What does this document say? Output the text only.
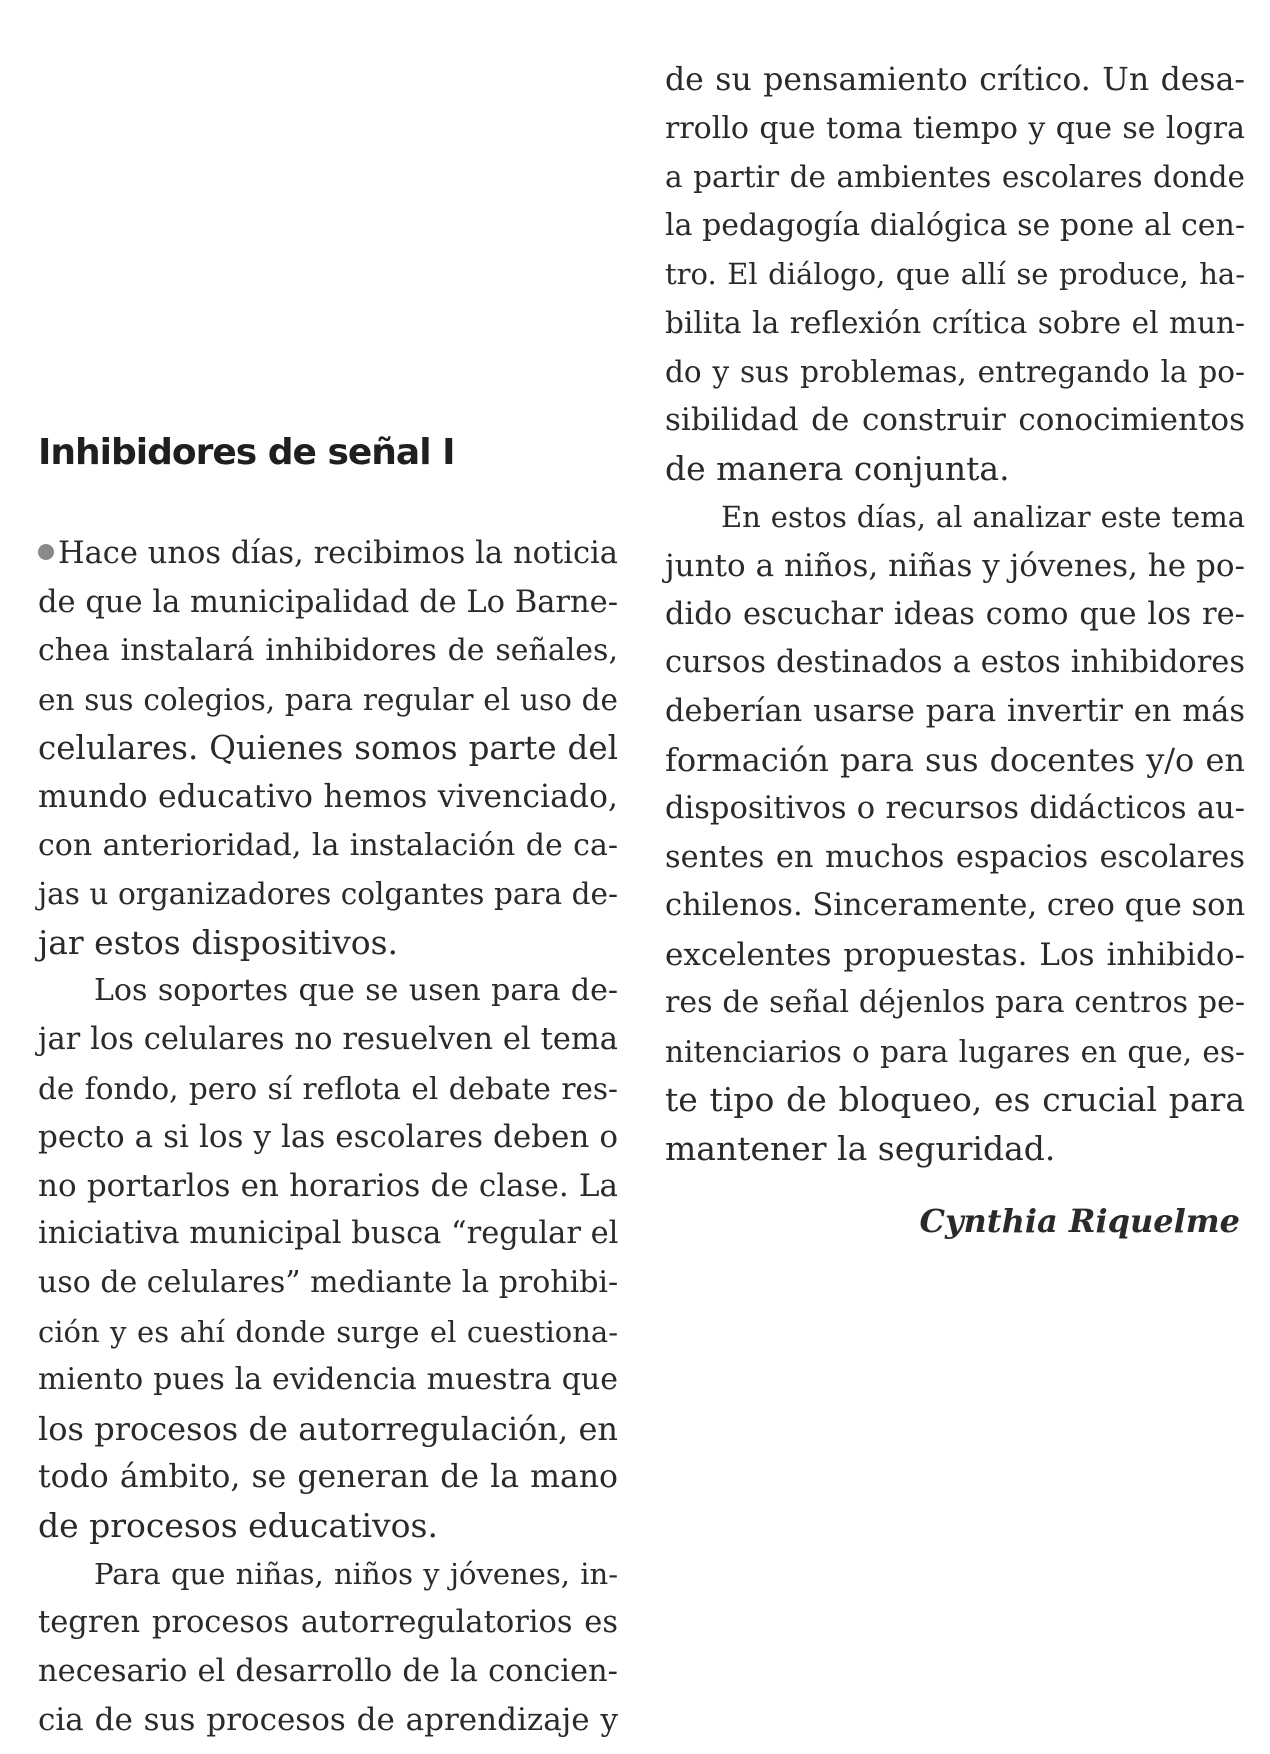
Inhibidores de señal I
Hace unos días, recibimos la noticia
de que la municipalidad de Lo Barne-
chea instalará inhibidores de señales,
en sus colegios, para regular el uso de
celulares. Quienes somos parte del
mundo educativo hemos vivenciado,
con anterioridad, la instalación de ca-
jas u organizadores colgantes para de-
jar estos dispositivos.
Los soportes que se usen para de-
jar los celulares no resuelven el tema
de fondo, pero sí reflota el debate res-
pecto a si los y las escolares deben o
no portarlos en horarios de clase. La
iniciativa municipal busca “regular el
uso de celulares” mediante la prohibi-
ción y es ahí donde surge el cuestiona-
miento pues la evidencia muestra que
los procesos de autorregulación, en
todo ámbito, se generan de la mano
de procesos educativos.
Para que niñas, niños y jóvenes, in-
tegren procesos autorregulatorios es
necesario el desarrollo de la concien-
cia de sus procesos de aprendizaje y
de su pensamiento crítico. Un desa-
rrollo que toma tiempo y que se logra
a partir de ambientes escolares donde
la pedagogía dialógica se pone al cen-
tro. El diálogo, que allí se produce, ha-
bilita la reflexión crítica sobre el mun-
do y sus problemas, entregando la po-
sibilidad de construir conocimientos
de manera conjunta.
En estos días, al analizar este tema
junto a niños, niñas y jóvenes, he po-
dido escuchar ideas como que los re-
cursos destinados a estos inhibidores
deberían usarse para invertir en más
formación para sus docentes y/o en
dispositivos o recursos didácticos au-
sentes en muchos espacios escolares
chilenos. Sinceramente, creo que son
excelentes propuestas. Los inhibido-
res de señal déjenlos para centros pe-
nitenciarios o para lugares en que, es-
te tipo de bloqueo, es crucial para
mantener la seguridad.
Cynthia Riquelme
